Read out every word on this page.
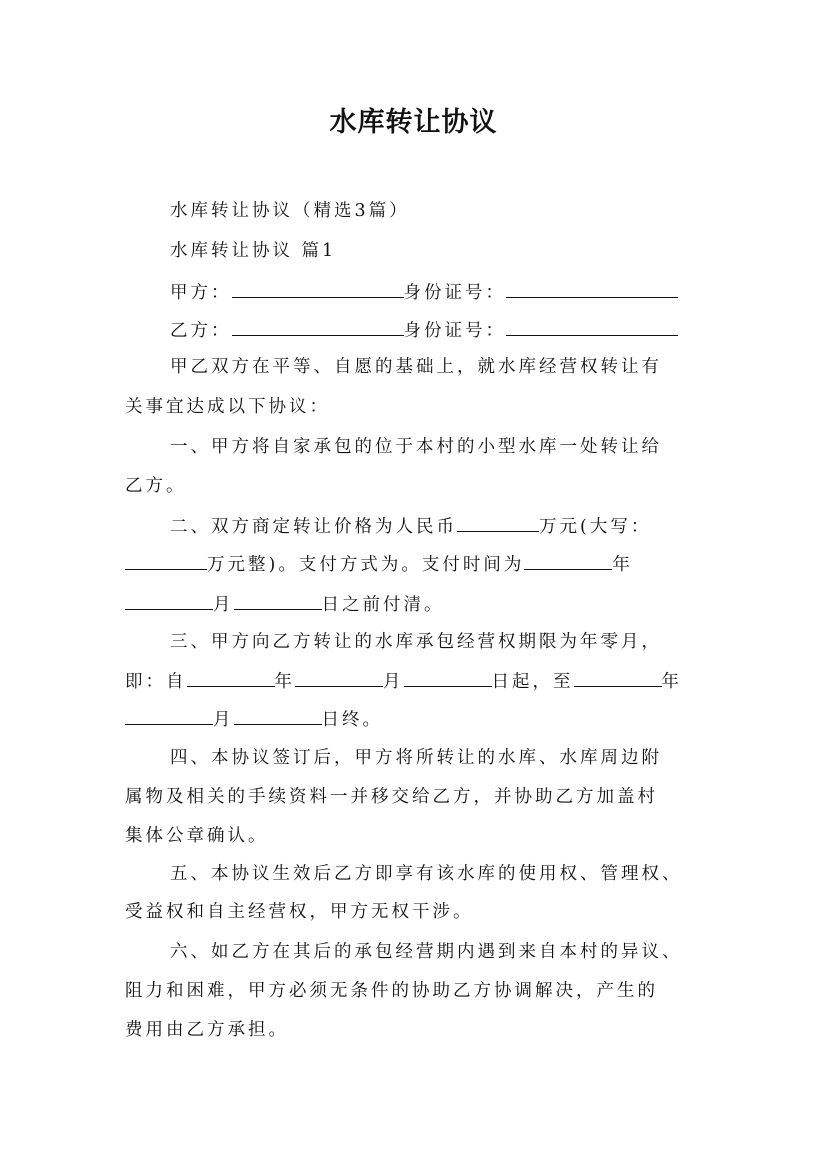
水库转让协议
水库转让协议（精选3篇）
水库转让协议 篇1
甲方：	身份证号：
乙方：	身份证号：
甲乙双方在平等、自愿的基础上，就水库经营权转让有
关事宜达成以下协议：
一、甲方将自家承包的位于本村的小型水库一处转让给
乙方。
二、双方商定转让价格为人民币	万元(大写：
万元整)。支付方式为。支付时间为	年
月	日之前付清。
三、甲方向乙方转让的水库承包经营权期限为年零月，
即：自	年	月	日起，至	年
月	日终。
四、本协议签订后，甲方将所转让的水库、水库周边附
属物及相关的手续资料一并移交给乙方，并协助乙方加盖村
集体公章确认。
五、本协议生效后乙方即享有该水库的使用权、管理权、
受益权和自主经营权，甲方无权干涉。
六、如乙方在其后的承包经营期内遇到来自本村的异议、
阻力和困难，甲方必须无条件的协助乙方协调解决，产生的
费用由乙方承担。
